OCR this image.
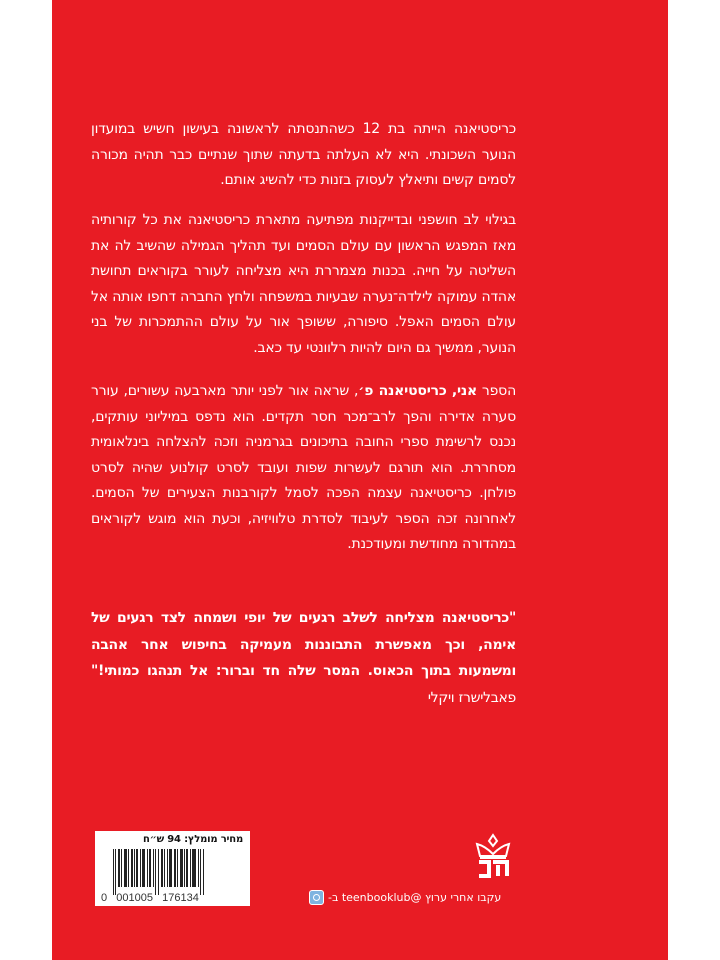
כריסטיאנה הייתה בת 12 כשהתנסתה לראשונה בעישון חשיש במועדון הנוער השכונתי. היא לא העלתה בדעתה שתוך שנתיים כבר תהיה מכורה לסמים קשים ותיאלץ לעסוק בזנות כדי להשיג אותם.

בגילוי לב חושפני ובדייקנות מפתיעה מתארת כריסטיאנה את כל קורותיה מאז המפגש הראשון עם עולם הסמים ועד תהליך הגמילה שהשיב לה את השליטה על חייה. בכנות מצמררת היא מצליחה לעורר בקוראים תחושת אהדה עמוקה לילדה־נערה שבעיות במשפחה ולחץ החברה דחפו אותה אל עולם הסמים האפל. סיפורה, ששופך אור על עולם ההתמכרות של בני הנוער, ממשיך גם היום להיות רלוונטי עד כאב.

הספר אני, כריסטיאנה פ׳, שראה אור לפני יותר מארבעה עשורים, עורר סערה אדירה והפך לרב־מכר חסר תקדים. הוא נדפס במיליוני עותקים, נכנס לרשימת ספרי החובה בתיכונים בגרמניה וזכה להצלחה בינלאומית מסחררת. הוא תורגם לעשרות שפות ועובד לסרט קולנוע שהיה לסרט פולחן. כריסטיאנה עצמה הפכה לסמל לקורבנות הצעירים של הסמים. לאחרונה זכה הספר לעיבוד לסדרת טלוויזיה, וכעת הוא מוגש לקוראים במהדורה מחודשת ומעודכנת.

"כריסטיאנה מצליחה לשלב רגעים של יופי ושמחה לצד רגעים של אימה, וכך מאפשרת התבוננות מעמיקה בחיפוש אחר אהבה ומשמעות בתוך הכאוס. המסר שלה חד וברור: אל תנהגו כמותי!" פאבלישרז ויקלי

מחיר מומלץ: 94 ש״ח
0   001005   176134	עקבו אחרי ערוץ @teenbooklub ב-
